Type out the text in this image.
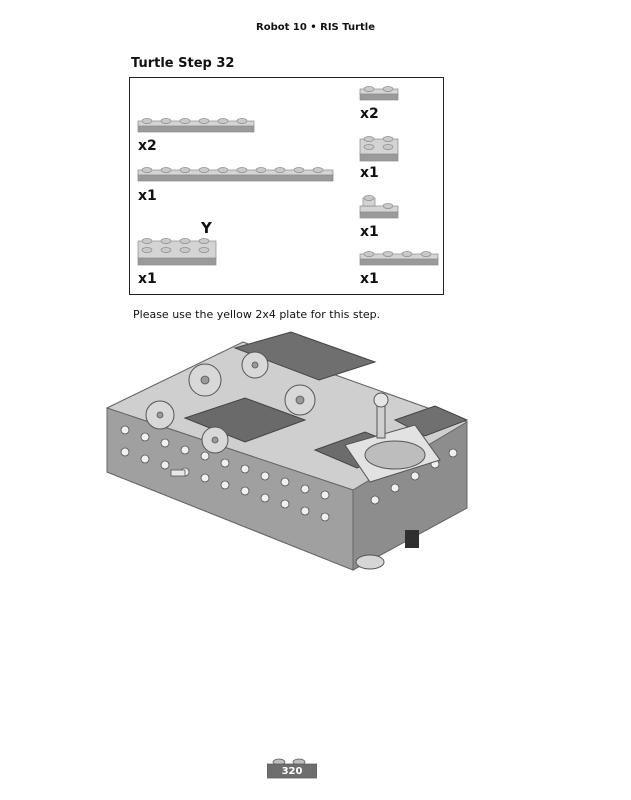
Robot 10 • RIS Turtle
Turtle Step 32
x2
x1
Y
x1
x2
x1
x1
x1
Please use the yellow 2x4 plate for this step.
320
